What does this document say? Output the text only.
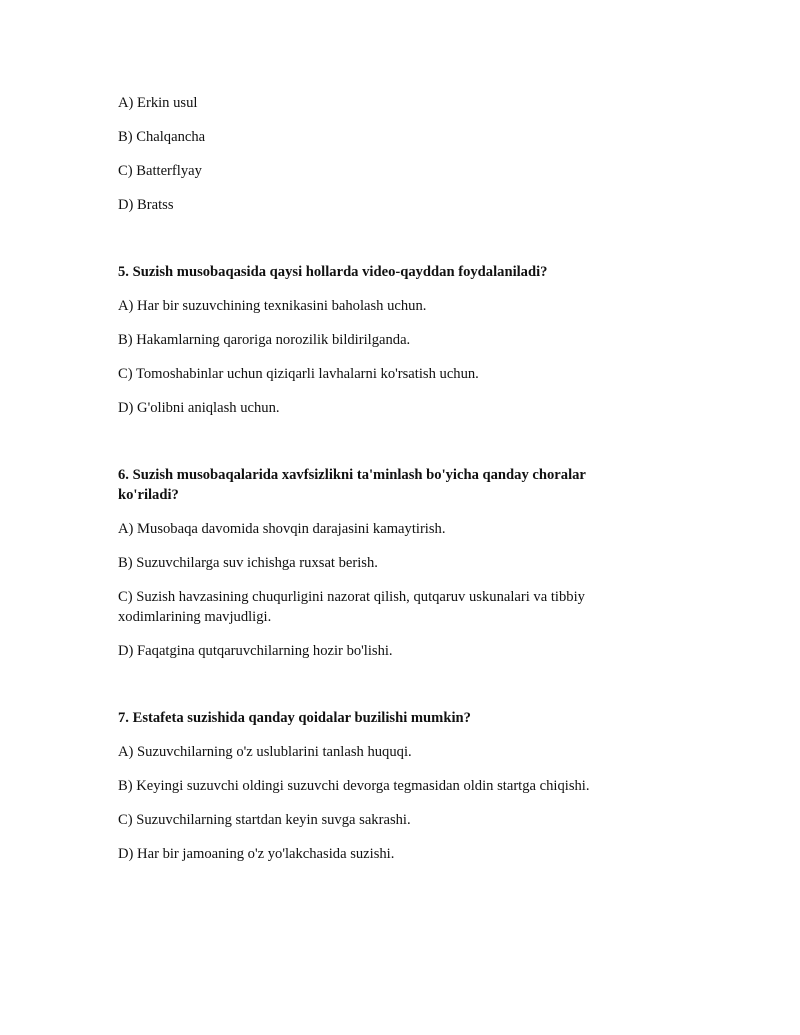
A) Erkin usul

B) Chalqancha

C) Batterflyay

D) Bratss

5. Suzish musobaqasida qaysi hollarda video-qayddan foydalaniladi?

A) Har bir suzuvchining texnikasini baholash uchun.

B) Hakamlarning qaroriga norozilik bildirilganda.

C) Tomoshabinlar uchun qiziqarli lavhalarni ko'rsatish uchun.

D) G'olibni aniqlash uchun.

6. Suzish musobaqalarida xavfsizlikni ta'minlash bo'yicha qanday choralar ko'riladi?

A) Musobaqa davomida shovqin darajasini kamaytirish.

B) Suzuvchilarga suv ichishga ruxsat berish.

C) Suzish havzasining chuqurligini nazorat qilish, qutqaruv uskunalari va tibbiy xodimlarining mavjudligi.

D) Faqatgina qutqaruvchilarning hozir bo'lishi.

7. Estafeta suzishida qanday qoidalar buzilishi mumkin?

A) Suzuvchilarning o'z uslublarini tanlash huquqi.

B) Keyingi suzuvchi oldingi suzuvchi devorga tegmasidan oldin startga chiqishi.

C) Suzuvchilarning startdan keyin suvga sakrashi.

D) Har bir jamoaning o'z yo'lakchasida suzishi.
